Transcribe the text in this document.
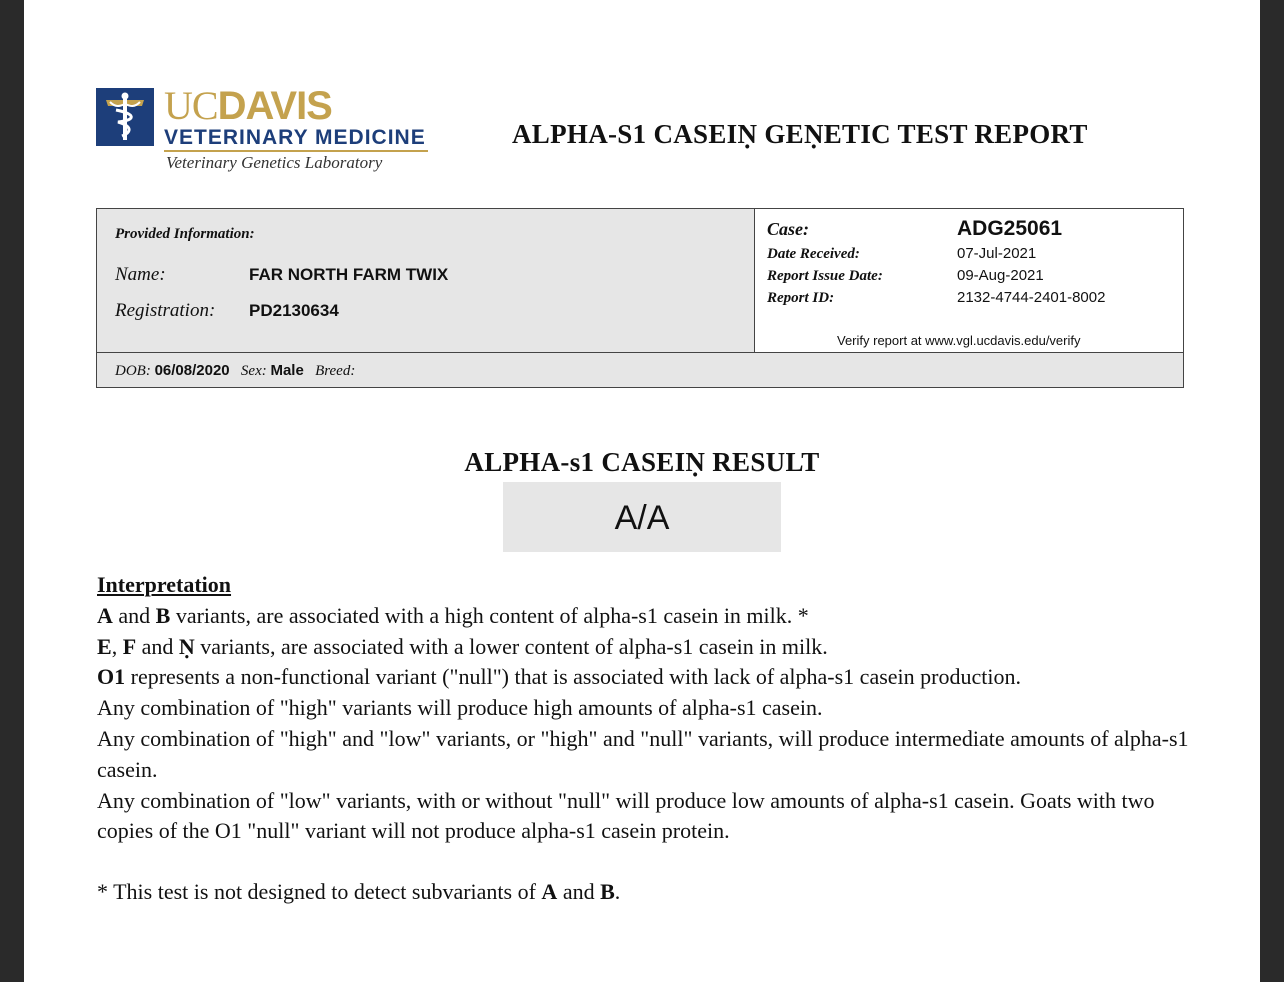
UCDAVIS
VETERINARY MEDICINE
Veterinary Genetics Laboratory
ALPHA-S1 CASEIṆ GEṆETIC TEST REPORT
Provided Information:
Name:	FAR NORTH FARM TWIX
Registration: PD2130634
Case:	ADG25061
Date Received:	07-Jul-2021
Report Issue Date:	09-Aug-2021
Report ID:	2132-4744-2401-8002
Verify report at www.vgl.ucdavis.edu/verify
DOB: 06/08/2020 Sex: Male Breed:
ALPHA-s1 CASEIṆ RESULT
A/A
Interpretation

A and B variants, are associated with a high content of alpha-s1 casein in milk. *

E, F and Ṇ variants, are associated with a lower content of alpha-s1 casein in milk.

O1 represents a non-functional variant ("null") that is associated with lack of alpha-s1 casein production.

Any combination of "high" variants will produce high amounts of alpha-s1 casein.

Any combination of "high" and "low" variants, or "high" and "null" variants, will produce intermediate amounts of alpha-s1 casein.

Any combination of "low" variants, with or without "null" will produce low amounts of alpha-s1 casein. Goats with two copies of the O1 "null" variant will not produce alpha-s1 casein protein.

* This test is not designed to detect subvariants of A and B.
